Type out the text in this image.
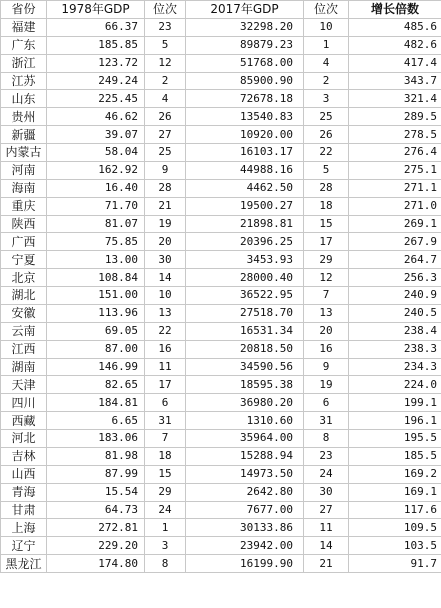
省份	1978年GDP	位次	2017年GDP	位次	增长倍数
福建	66.37	23	32298.20	10	485.6
广东	185.85	5	89879.23	1	482.6
浙江	123.72	12	51768.00	4	417.4
江苏	249.24	2	85900.90	2	343.7
山东	225.45	4	72678.18	3	321.4
贵州	46.62	26	13540.83	25	289.5
新疆	39.07	27	10920.00	26	278.5
内蒙古	58.04	25	16103.17	22	276.4
河南	162.92	9	44988.16	5	275.1
海南	16.40	28	4462.50	28	271.1
重庆	71.70	21	19500.27	18	271.0
陕西	81.07	19	21898.81	15	269.1
广西	75.85	20	20396.25	17	267.9
宁夏	13.00	30	3453.93	29	264.7
北京	108.84	14	28000.40	12	256.3
湖北	151.00	10	36522.95	7	240.9
安徽	113.96	13	27518.70	13	240.5
云南	69.05	22	16531.34	20	238.4
江西	87.00	16	20818.50	16	238.3
湖南	146.99	11	34590.56	9	234.3
天津	82.65	17	18595.38	19	224.0
四川	184.81	6	36980.20	6	199.1
西藏	6.65	31	1310.60	31	196.1
河北	183.06	7	35964.00	8	195.5
吉林	81.98	18	15288.94	23	185.5
山西	87.99	15	14973.50	24	169.2
青海	15.54	29	2642.80	30	169.1
甘肃	64.73	24	7677.00	27	117.6
上海	272.81	1	30133.86	11	109.5
辽宁	229.20	3	23942.00	14	103.5
黑龙江	174.80	8	16199.90	21	91.7
